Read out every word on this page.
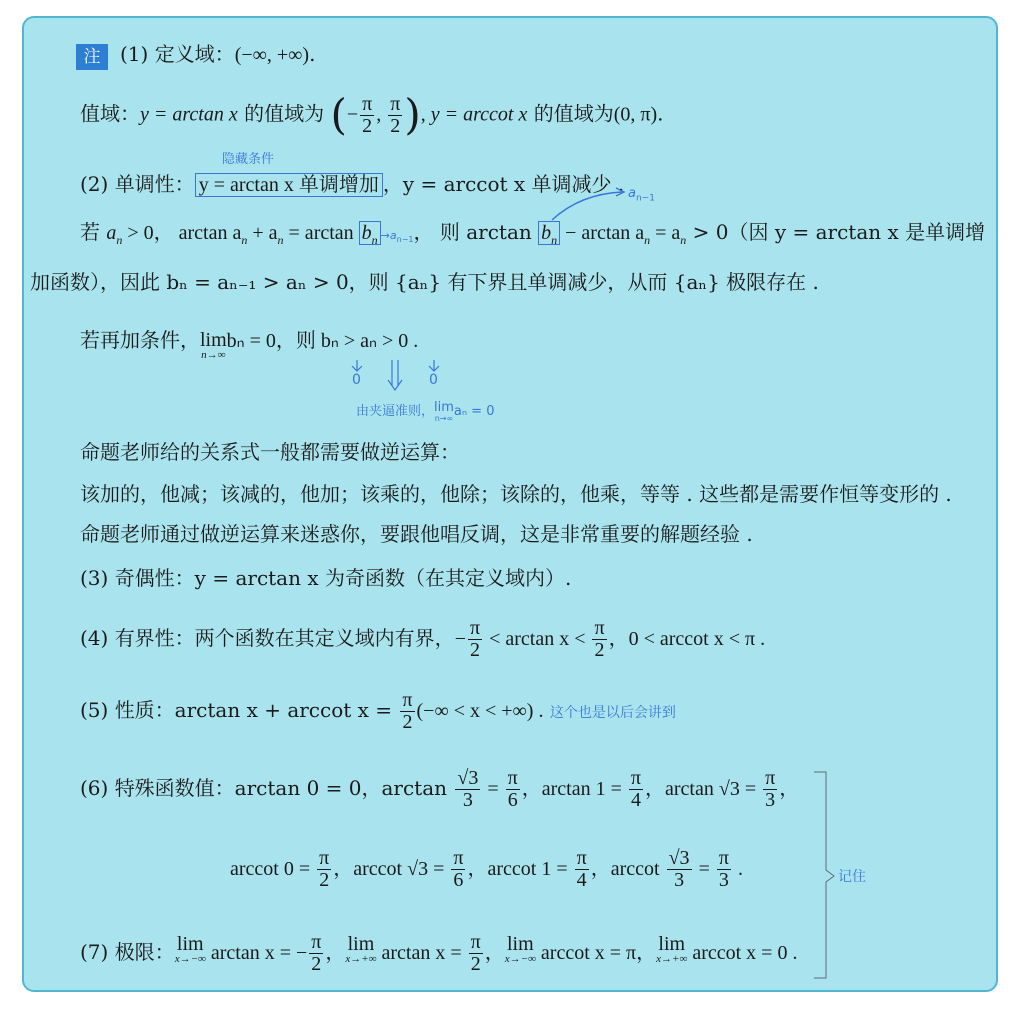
注 (1) 定义域：(−∞, +∞).
值域：y = arctan x 的值域为 (− $\frac{\pi}{2}$ , $\frac{\pi}{2}$ ), y = arccot x 的值域为(0, π).
隐藏条件
(2) 单调性： y = arctan x 单调增加 ，y = arccot x 单调减少 . $a_{n-1}$
若 $a_n > 0$， $\arctan a_n + a_n = \arctan b_n \to a_{n-1}$， 则 $\arctan b_n - \arctan a_n = a_n > 0$（因 y = arctan x 是单调增
加函数），因此 bₙ = aₙ₋₁ > aₙ > 0，则 {aₙ} 有下界且单调减少，从而 {aₙ} 极限存在 .
若再加条件，lim
n→∞
bₙ = 0，则 bₙ > aₙ > 0 .
0	0
由夹逼准则，lim
n→∞ aₙ = 0
命题老师给的关系式一般都需要做逆运算：
该加的，他减；该减的，他加；该乘的，他除；该除的，他乘，等等 . 这些都是需要作恒等变形的 .
命题老师通过做逆运算来迷惑你，要跟他唱反调，这是非常重要的解题经验 .
(3) 奇偶性：y = arctan x 为奇函数（在其定义域内）.
(4) 有界性：两个函数在其定义域内有界，− $\frac{\pi}{2} < \arctan x < \frac{\pi}{2}$ ，0 < arccot x < π .
(5) 性质：arctan x + arccot $x = \frac{\pi}{2}$ (−∞ < x < +∞) . 这个也是以后会讲到
(6) 特殊函数值：arctan 0 = 0，$\arctan \frac{√3}{3} = \frac{\pi}{6}$ ，$\arctan 1 = \frac{\pi}{4}$ ，$\arctan √3 = \frac{\pi}{3}$ ，
arccot $0 = \frac{\pi}{2}$ ，arccot $√3 = \frac{\pi}{6}$ ，arccot $1 = \frac{\pi}{4}$ ，arccot $\frac{√3}{3} = \frac{\pi}{3}$ .	记住
(7) 极限： lim
x→−∞ arctan x = − $\frac{\pi}{2}$ ， lim
x→+∞ $\arctan x = \frac{\pi}{2}$ ， lim
x→−∞ arccot x = π， lim
x→+∞ arccot x = 0 .
